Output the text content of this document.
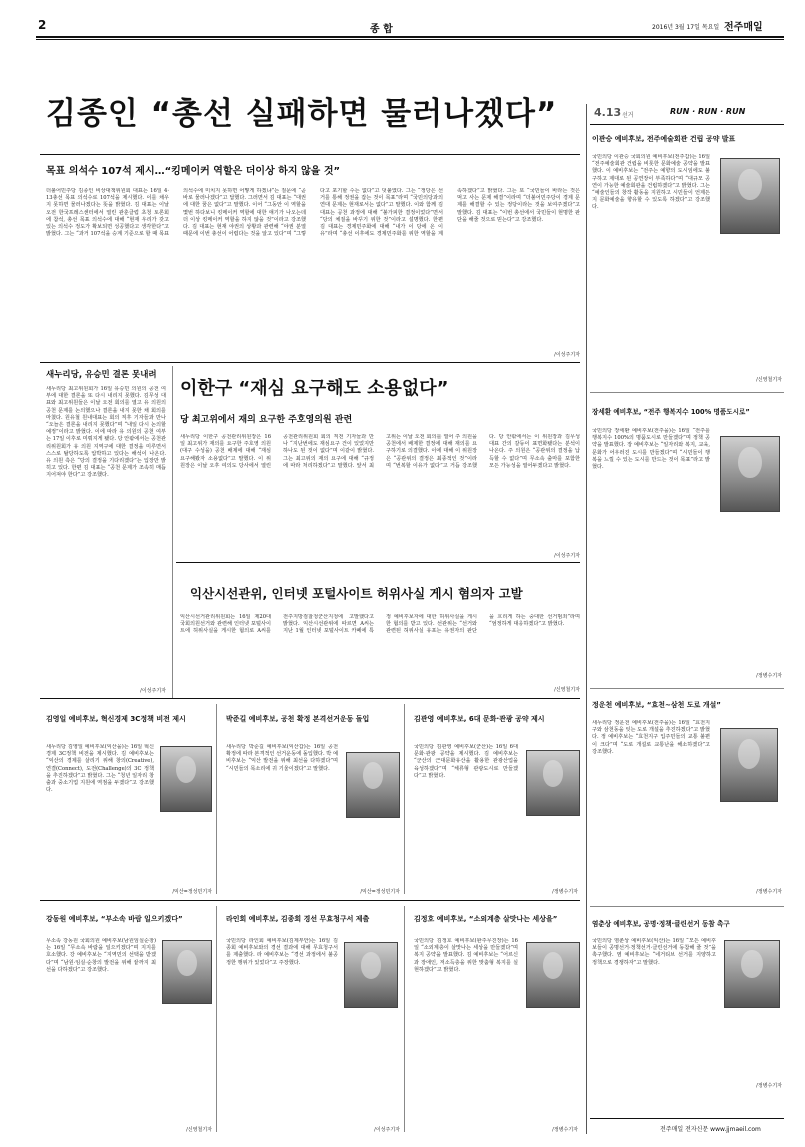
2	종 합	2016년 3월 17일 목요일 전주매일
김종인 “총선 실패하면 물러나겠다”
목표 의석수 107석 제시…“킹메이커 역할은 더이상 하지 않을 것”
더불어민주당 김종인 비상대책위원회 대표는 16일 4·13총선 목표 의석수로 107석을 제시했다. 이를 채우지 못하면 물러나겠다는 뜻을 밝혔다. 김 대표는 이날 오전 한국프레스센터에서 열린 관훈클럽 초청 토론회에 참석, 총선 목표 의석수에 대해 “현재 우리가 갖고 있는 의석수 정도가 확보되면 성공했다고 생각한다”고 밝혔다. 그는 “과거 107석을 승계 기준으로 할 때 목표 의석수에 미치지 못하면 어떻게 하겠냐”는 질문에 “곧바로 물러나겠다”고 답했다. 그러면서 김 대표는 “대권에 대한 꿈은 없다”고 말했다. 이어 “그동안 이 역할을 몇번 하다보니 킹메이커 역할에 대한 얘기가 나오는데 더 이상 킹메이커 역할을 하지 않을 것”이라고 강조했다. 김 대표는 현재 야권의 상황과 관련해 “야권 분열 때문에 이번 총선이 어렵다는 것을 알고 있다”며 “그렇다고 포기할 수는 없다”고 덧붙였다. 그는 “정당은 선거를 통해 정권을 잡는 것이 목표”라며 “국민의당과의 연대 문제는 현재로서는 없다”고 말했다. 이와 함께 김 대표는 공천 과정에 대해 “불가피한 결정이었다”면서 “당의 체질을 바꾸기 위한 것”이라고 설명했다. 한편 김 대표는 경제민주화에 대해 “내가 이 당에 온 이유”라며 “총선 이후에도 경제민주화를 위한 역할을 계속하겠다”고 밝혔다. 그는 또 “국민들이 바라는 것은 먹고 사는 문제 해결”이라며 “더불어민주당이 경제 문제를 해결할 수 있는 정당이라는 것을 보여주겠다”고 말했다. 김 대표는 “이번 총선에서 국민들이 현명한 판단을 해줄 것으로 믿는다”고 강조했다.
/이성주기자
새누리당, 유승민 결론 못내려
새누리당 최고위원회가 16일 유승민 의원의 공천 여부에 대한 결론을 또 다시 내리지 못했다. 김무성 대표와 최고위원들은 이날 오전 회의를 열고 유 의원의 공천 문제를 논의했으나 결론을 내지 못한 채 회의를 마쳤다. 원유철 원내대표는 회의 직후 기자들과 만나 “오늘은 결론을 내리지 못했다”며 “내일 다시 논의할 예정”이라고 밝혔다. 이에 따라 유 의원의 공천 여부는 17일 이후로 미뤄지게 됐다. 당 안팎에서는 공천관리위원회가 유 의원 지역구에 대한 결정을 미루면서 스스로 탈당하도록 압박하고 있다는 해석이 나온다. 유 의원 측은 “당의 결정을 기다리겠다”는 입장만 밝히고 있다. 한편 김 대표는 “공천 문제가 조속히 매듭지어져야 한다”고 강조했다.
/이성주기자
이한구 “재심 요구해도 소용없다”
당 최고위에서 재의 요구한 주호영의원 관련
새누리당 이한구 공천관리위원장은 16일 최고위가 재의를 요구한 주호영 의원(대구 수성을) 공천 배제에 대해 “재심 요구해봤자 소용없다”고 말했다. 이 위원장은 이날 오후 여의도 당사에서 열린 공천관리위원회 회의 직전 기자들과 만나 “지난번에도 재심요구 건이 있었지만 하나도 된 것이 없다”며 이같이 밝혔다. 그는 최고위의 재의 요구에 대해 “규정에 따라 처리하겠다”고 말했다. 앞서 최고위는 이날 오전 회의를 열어 주 의원을 공천에서 배제한 결정에 대해 재의를 요구하기로 의결했다. 이에 대해 이 위원장은 “공관위의 결정은 최종적인 것”이라며 “번복할 이유가 없다”고 거듭 강조했다. 당 안팎에서는 이 위원장과 김무성 대표 간의 갈등이 표면화됐다는 분석이 나온다. 주 의원은 “공관위의 결정을 납득할 수 없다”며 무소속 출마를 포함한 모든 가능성을 열어두겠다고 밝혔다.
/이성주기자
익산시선관위, 인터넷 포털사이트 허위사실 게시 혐의자 고발
익산시선거관리위원회는 16일 제20대 국회의원선거와 관련해 인터넷 포털사이트에 허위사실을 게시한 혐의로 A씨를 전주지방검찰청군산지청에 고발했다고 밝혔다. 익산시선관위에 따르면 A씨는 지난 1월 인터넷 포털사이트 카페에 특정 예비후보자에 대한 허위사실을 게시한 혐의를 받고 있다. 선관위는 “선거와 관련된 허위사실 유포는 유권자의 판단을 흐리게 하는 중대한 선거범죄”라며 “엄정하게 대응하겠다”고 밝혔다.
/신영철기자
김영일 예비후보, 혁신경제 3C정책 비전 제시
새누리당 김영일 예비후보(익산을)는 16일 혁신경제 3C정책 비전을 제시했다. 김 예비후보는 “익산의 경제를 살리기 위해 창의(Creative), 연결(Connect), 도전(Challenge)의 3C 정책을 추진하겠다”고 밝혔다. 그는 “청년 일자리 창출과 중소기업 지원에 역점을 두겠다”고 강조했다.
/익산=정성민기자
박준길 예비후보, 공천 확정 본격선거운동 돌입
새누리당 박준길 예비후보(익산갑)는 16일 공천 확정에 따라 본격적인 선거운동에 돌입했다. 박 예비후보는 “익산 발전을 위해 최선을 다하겠다”며 “시민들의 목소리에 귀 기울이겠다”고 말했다.
/익산=정성민기자
김관영 예비후보, 6대 문화·관광 공약 제시
국민의당 김관영 예비후보(군산)는 16일 6대 문화·관광 공약을 제시했다. 김 예비후보는 “군산의 근대문화유산을 활용한 관광산업을 육성하겠다”며 “체류형 관광도시로 만들겠다”고 밝혔다.
/정병수기자
강동원 예비후보, “부소속 바람 일으키겠다”
무소속 강동원 국회의원 예비후보(남원임실순창)는 16일 “무소속 바람을 일으키겠다”며 지지를 호소했다. 강 예비후보는 “지역민의 선택을 받겠다”며 “남원·임실·순창의 발전을 위해 끝까지 최선을 다하겠다”고 강조했다.
/신영철기자
라인회 예비후보, 김종회 경선 무효청구서 제출
국민의당 라인회 예비후보(김제부안)는 16일 김종회 예비후보와의 경선 결과에 대해 무효청구서를 제출했다. 라 예비후보는 “경선 과정에서 불공정한 행위가 있었다”고 주장했다.
/이성주기자
김정호 예비후보, “소외계층 살맛나는 세상을”
국민의당 김정호 예비후보(완주무진장)는 16일 “소외계층이 살맛나는 세상을 만들겠다”며 복지 공약을 발표했다. 김 예비후보는 “어르신과 장애인, 저소득층을 위한 맞춤형 복지를 실현하겠다”고 밝혔다.
/정병수기자
4.13 선거	RUN · RUN · RUN
이관승 예비후보, 전주예술회관 건립 공약 발표
국민의당 이관승 국회의원 예비후보(전주갑)는 16일 “전주예술회관 건립을 비롯한 문화예술 공약을 발표했다. 이 예비후보는 “전주는 예향의 도시임에도 불구하고 제대로 된 공연장이 부족하다”며 “대규모 공연이 가능한 예술회관을 건립하겠다”고 밝혔다. 그는 “예술인들의 창작 활동을 지원하고 시민들이 언제든지 문화예술을 향유할 수 있도록 하겠다”고 강조했다.
/신영철기자
장세환 예비후보, “전주 행복지수 100% 명품도시로”
국민의당 장세환 예비후보(전주을)는 16일 “전주를 행복지수 100%의 명품도시로 만들겠다”며 정책 공약을 발표했다. 장 예비후보는 “일자리와 복지, 교육, 문화가 어우러진 도시를 만들겠다”며 “시민들이 행복을 느낄 수 있는 도시를 만드는 것이 목표”라고 밝혔다.
/정병수기자
정운천 예비후보, “효천~삼천 도로 개설”
새누리당 정운천 예비후보(전주을)는 16일 “효천지구와 삼천동을 잇는 도로 개설을 추진하겠다”고 밝혔다. 정 예비후보는 “효천지구 입주민들의 교통 불편이 크다”며 “도로 개설로 교통난을 해소하겠다”고 강조했다.
/정병수기자
염춘상 예비후보, 공명·정책·클린선거 동참 촉구
국민의당 염춘상 예비후보(익산)는 16일 “모든 예비후보들이 공명선거·정책선거·클린선거에 동참해 줄 것”을 촉구했다. 염 예비후보는 “네거티브 선거를 지양하고 정책으로 경쟁하자”고 말했다.
/정병수기자
전주매일 전자신문 www.jjmaeil.com
